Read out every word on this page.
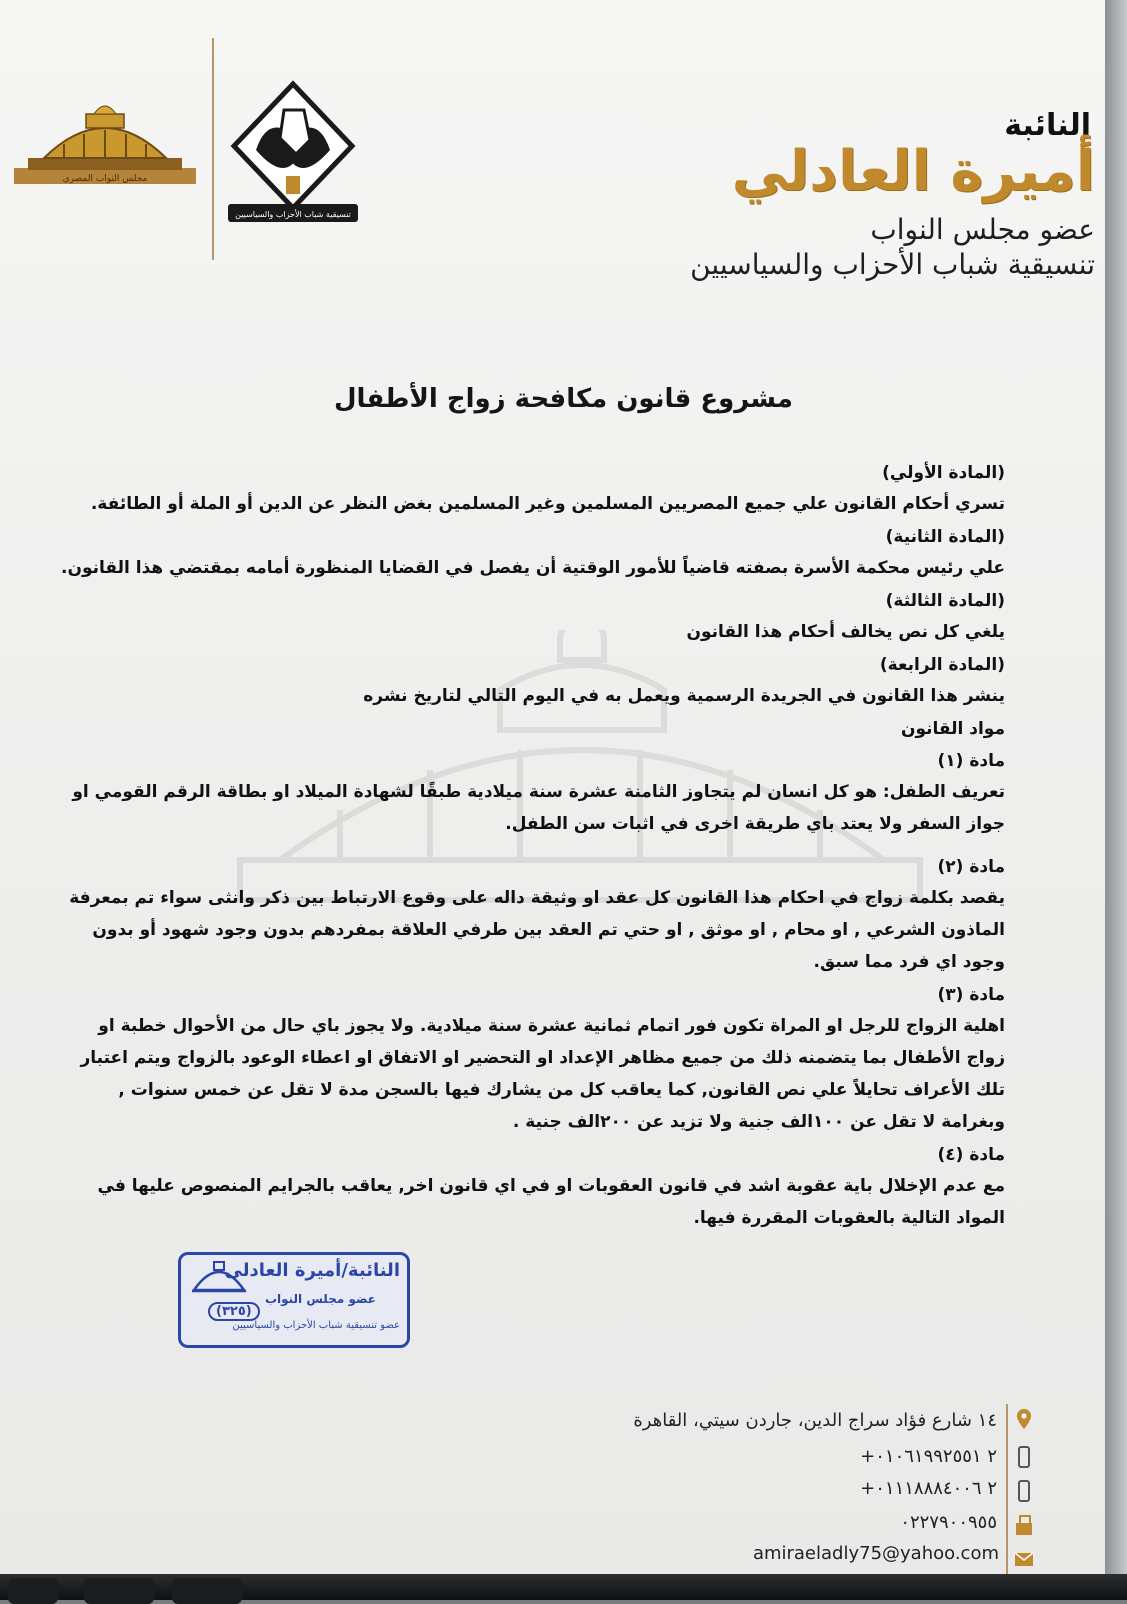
مجلس النواب المصري
تنسيقية شباب الأحزاب والسياسيين
النائبة
أميرة العادلي
عضو مجلس النواب
تنسيقية شباب الأحزاب والسياسيين
مشروع قانون مكافحة زواج الأطفال
(المادة الأولي)
تسري أحكام القانون علي جميع المصريين المسلمين وغير المسلمين بغض النظر عن الدين أو الملة أو الطائفة.
(المادة الثانية)
علي رئيس محكمة الأسرة بصفته قاضياً للأمور الوقتية أن يفصل في القضايا المنظورة أمامه بمقتضي هذا القانون.
(المادة الثالثة)
يلغي كل نص يخالف أحكام هذا القانون
(المادة الرابعة)
ينشر هذا القانون في الجريدة الرسمية ويعمل به في اليوم التالي لتاريخ نشره
مواد القانون
مادة (١)
تعريف الطفل: هو كل انسان لم يتجاوز الثامنة عشرة سنة ميلادية طبقًا لشهادة الميلاد او بطاقة الرقم القومي او جواز السفر ولا يعتد باي طريقة اخرى في اثبات سن الطفل.
مادة (٢)
يقصد بكلمة زواج في احكام هذا القانون كل عقد او وثيقة داله على وقوع الارتباط بين ذكر وانثى سواء تم بمعرفة الماذون الشرعي , او محام , او موثق , او حتي تم العقد بين طرفي العلاقة بمفردهم بدون وجود شهود أو بدون وجود اي فرد مما سبق.
مادة (٣)
اهلية الزواج للرجل او المراة تكون فور اتمام ثمانية عشرة سنة ميلادية. ولا يجوز باي حال من الأحوال خطبة او زواج الأطفال بما يتضمنه ذلك من جميع مظاهر الإعداد او التحضير او الاتفاق او اعطاء الوعود بالزواج ويتم اعتبار تلك الأعراف تحايلاً علي نص القانون, كما يعاقب كل من يشارك فيها بالسجن مدة لا تقل عن خمس سنوات , وبغرامة لا تقل عن ١٠٠الف جنية ولا تزيد عن ٢٠٠الف جنية .
مادة (٤)
مع عدم الإخلال باية عقوبة اشد في قانون العقوبات او في اي قانون اخر, يعاقب بالجرايم المنصوص عليها في المواد التالية بالعقوبات المقررة فيها.
النائبة/أميرة العادلى
عضو مجلس النواب
(٣٢٥)
عضو تنسيقية شباب الأحزاب والسياسيين
١٤ شارع فؤاد سراج الدين، جاردن سيتي، القاهرة
+٢ ٠١٠٦١٩٩٢٥٥١
+٢ ٠١١١٨٨٨٤٠٠٦
٠٢٢٧٩٠٠٩٥٥
amiraeladly75@yahoo.com
